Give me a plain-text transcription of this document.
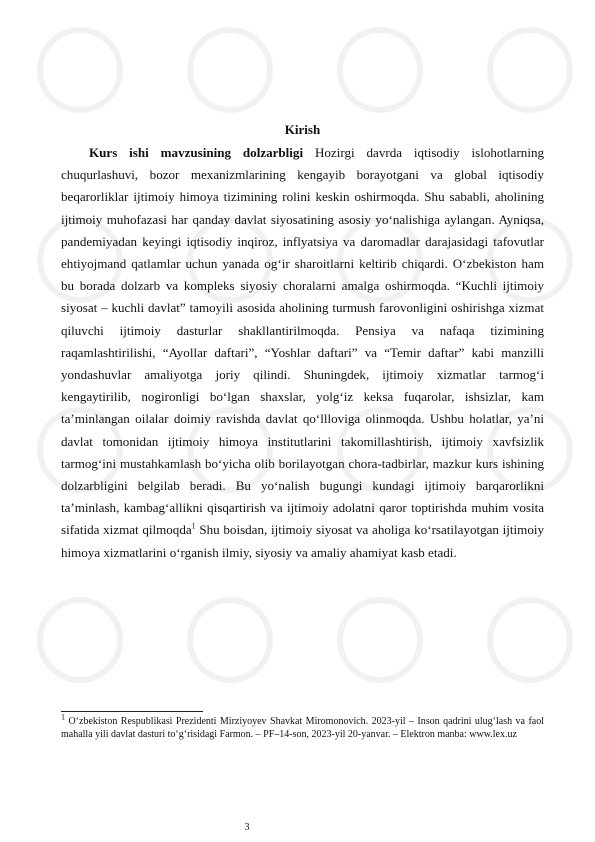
Kirish

Kurs ishi mavzusining dolzarbligi Hozirgi davrda iqtisodiy islohotlarning chuqurlashuvi, bozor mexanizmlarining kengayib borayotgani va global iqtisodiy beqarorliklar ijtimoiy himoya tizimining rolini keskin oshirmoqda. Shu sababli, aholining ijtimoiy muhofazasi har qanday davlat siyosatining asosiy yo‘nalishiga aylangan. Ayniqsa, pandemiyadan keyingi iqtisodiy inqiroz, inflyatsiya va daromadlar darajasidagi tafovutlar ehtiyojmand qatlamlar uchun yanada og‘ir sharoitlarni keltirib chiqardi. O‘zbekiston ham bu borada dolzarb va kompleks siyosiy choralarni amalga oshirmoqda. “Kuchli ijtimoiy siyosat – kuchli davlat” tamoyili asosida aholining turmush farovonligini oshirishga xizmat qiluvchi ijtimoiy dasturlar shakllantirilmoqda. Pensiya va nafaqa tizimining raqamlashtirilishi, “Ayollar daftari”, “Yoshlar daftari” va “Temir daftar” kabi manzilli yondashuvlar amaliyotga joriy qilindi. Shuningdek, ijtimoiy xizmatlar tarmog‘i kengaytirilib, nogironligi bo‘lgan shaxslar, yolg‘iz keksa fuqarolar, ishsizlar, kam ta’minlangan oilalar doimiy ravishda davlat qo‘llloviga olinmoqda. Ushbu holatlar, ya’ni davlat tomonidan ijtimoiy himoya institutlarini takomillashtirish, ijtimoiy xavfsizlik tarmog‘ini mustahkamlash bo‘yicha olib borilayotgan chora-tadbirlar, mazkur kurs ishining dolzarbligini belgilab beradi. Bu yo‘nalish bugungi kundagi ijtimoiy barqarorlikni ta’minlash, kambag‘allikni qisqartirish va ijtimoiy adolatni qaror toptirishda muhim vosita sifatida xizmat qilmoqda$^1$ Shu boisdan, ijtimoiy siyosat va aholiga ko‘rsatilayotgan ijtimoiy himoya xizmatlarini o‘rganish ilmiy, siyosiy va amaliy ahamiyat kasb etadi.

$^1$ O‘zbekiston Respublikasi Prezidenti Mirziyoyev Shavkat Miromonovich. 2023-yil – Inson qadrini ulug‘lash va faol mahalla yili davlat dasturi to‘g‘risidagi Farmon. – PF–14-son, 2023-yil 20-yanvar. – Elektron manba: www.lex.uz

3
